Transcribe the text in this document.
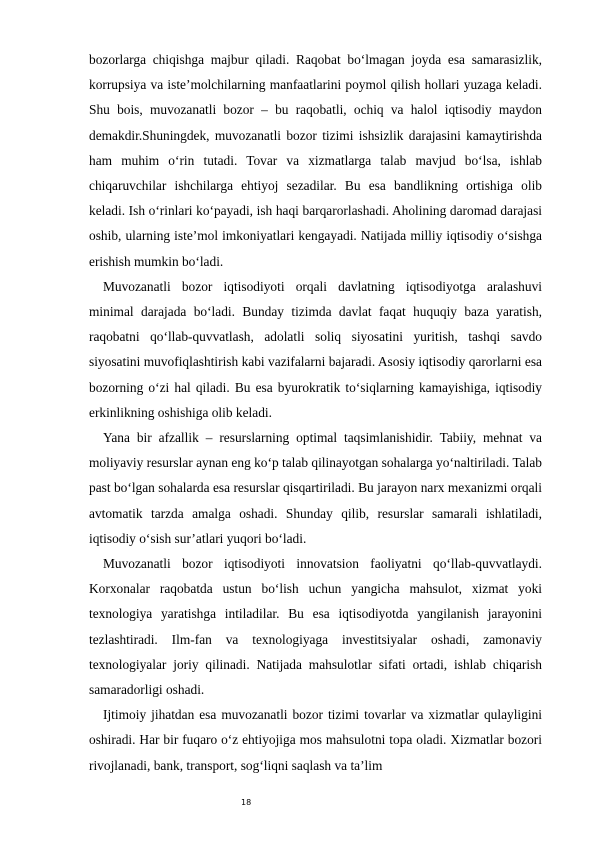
bozorlarga chiqishga majbur qiladi. Raqobat bo‘lmagan joyda esa samarasizlik, korrupsiya va iste’molchilarning manfaatlarini poymol qilish hollari yuzaga keladi. Shu bois, muvozanatli bozor – bu raqobatli, ochiq va halol iqtisodiy maydon demakdir.Shuningdek, muvozanatli bozor tizimi ishsizlik darajasini kamaytirishda ham muhim o‘rin tutadi. Tovar va xizmatlarga talab mavjud bo‘lsa, ishlab chiqaruvchilar ishchilarga ehtiyoj sezadilar. Bu esa bandlikning ortishiga olib keladi. Ish o‘rinlari ko‘payadi, ish haqi barqarorlashadi. Aholining daromad darajasi oshib, ularning iste’mol imkoniyatlari kengayadi. Natijada milliy iqtisodiy o‘sishga erishish mumkin bo‘ladi.

Muvozanatli bozor iqtisodiyoti orqali davlatning iqtisodiyotga aralashuvi minimal darajada bo‘ladi. Bunday tizimda davlat faqat huquqiy baza yaratish, raqobatni qo‘llab-quvvatlash, adolatli soliq siyosatini yuritish, tashqi savdo siyosatini muvofiqlashtirish kabi vazifalarni bajaradi. Asosiy iqtisodiy qarorlarni esa bozorning o‘zi hal qiladi. Bu esa byurokratik to‘siqlarning kamayishiga, iqtisodiy erkinlikning oshishiga olib keladi.

Yana bir afzallik – resurslarning optimal taqsimlanishidir. Tabiiy, mehnat va moliyaviy resurslar aynan eng ko‘p talab qilinayotgan sohalarga yo‘naltiriladi. Talab past bo‘lgan sohalarda esa resurslar qisqartiriladi. Bu jarayon narx mexanizmi orqali avtomatik tarzda amalga oshadi. Shunday qilib, resurslar samarali ishlatiladi, iqtisodiy o‘sish sur’atlari yuqori bo‘ladi.

Muvozanatli bozor iqtisodiyoti innovatsion faoliyatni qo‘llab-quvvatlaydi. Korxonalar raqobatda ustun bo‘lish uchun yangicha mahsulot, xizmat yoki texnologiya yaratishga intiladilar. Bu esa iqtisodiyotda yangilanish jarayonini tezlashtiradi. Ilm-fan va texnologiyaga investitsiyalar oshadi, zamonaviy texnologiyalar joriy qilinadi. Natijada mahsulotlar sifati ortadi, ishlab chiqarish samaradorligi oshadi.

Ijtimoiy jihatdan esa muvozanatli bozor tizimi tovarlar va xizmatlar qulayligini oshiradi. Har bir fuqaro o‘z ehtiyojiga mos mahsulotni topa oladi. Xizmatlar bozori rivojlanadi, bank, transport, sog‘liqni saqlash va ta’lim

18
